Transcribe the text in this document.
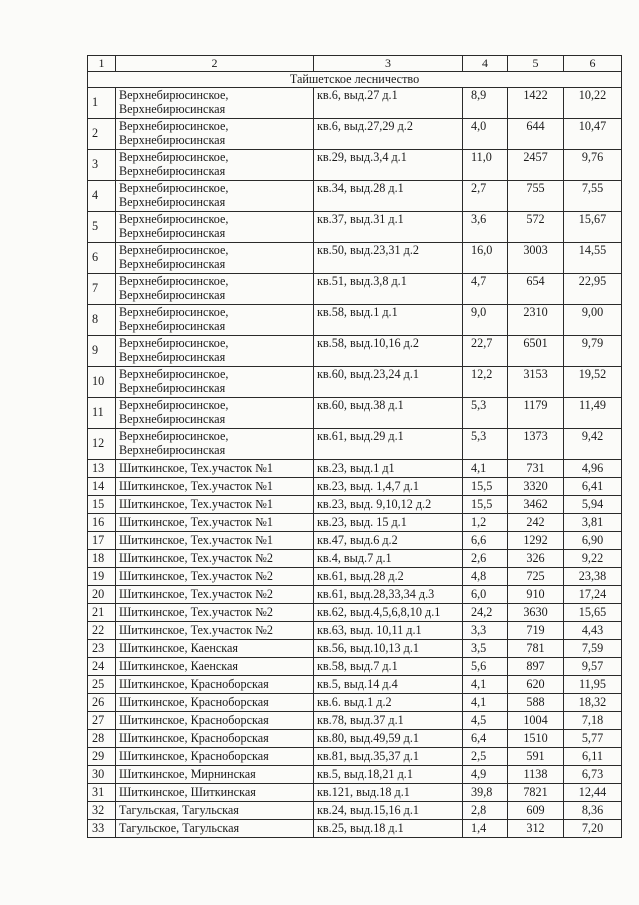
1	2	3	4	5	6
Тайшетское лесничество					
1	Верхнебирюсинское, Верхнебирюсинская	кв.6, выд.27 д.1	8,9	1422	10,22
2	Верхнебирюсинское, Верхнебирюсинская	кв.6, выд.27,29 д.2	4,0	644	10,47
3	Верхнебирюсинское, Верхнебирюсинская	кв.29, выд.3,4 д.1	11,0	2457	9,76
4	Верхнебирюсинское, Верхнебирюсинская	кв.34, выд.28 д.1	2,7	755	7,55
5	Верхнебирюсинское, Верхнебирюсинская	кв.37, выд.31 д.1	3,6	572	15,67
6	Верхнебирюсинское, Верхнебирюсинская	кв.50, выд.23,31 д.2	16,0	3003	14,55
7	Верхнебирюсинское, Верхнебирюсинская	кв.51, выд.3,8 д.1	4,7	654	22,95
8	Верхнебирюсинское, Верхнебирюсинская	кв.58, выд.1 д.1	9,0	2310	9,00
9	Верхнебирюсинское, Верхнебирюсинская	кв.58, выд.10,16 д.2	22,7	6501	9,79
10	Верхнебирюсинское, Верхнебирюсинская	кв.60, выд.23,24 д.1	12,2	3153	19,52
11	Верхнебирюсинское, Верхнебирюсинская	кв.60, выд.38 д.1	5,3	1179	11,49
12	Верхнебирюсинское, Верхнебирюсинская	кв.61, выд.29 д.1	5,3	1373	9,42
13	Шиткинское, Тех.участок №1	кв.23, выд.1 д1	4,1	731	4,96
14	Шиткинское, Тех.участок №1	кв.23, выд. 1,4,7 д.1	15,5	3320	6,41
15	Шиткинское, Тех.участок №1	кв.23, выд. 9,10,12 д.2	15,5	3462	5,94
16	Шиткинское, Тех.участок №1	кв.23, выд. 15 д.1	1,2	242	3,81
17	Шиткинское, Тех.участок №1	кв.47, выд.6 д.2	6,6	1292	6,90
18	Шиткинское, Тех.участок №2	кв.4, выд.7 д.1	2,6	326	9,22
19	Шиткинское, Тех.участок №2	кв.61, выд.28 д.2	4,8	725	23,38
20	Шиткинское, Тех.участок №2	кв.61, выд.28,33,34 д.3	6,0	910	17,24
21	Шиткинское, Тех.участок №2	кв.62, выд.4,5,6,8,10 д.1	24,2	3630	15,65
22	Шиткинское, Тех.участок №2	кв.63, выд. 10,11 д.1	3,3	719	4,43
23	Шиткинское, Каенская	кв.56, выд.10,13 д.1	3,5	781	7,59
24	Шиткинское, Каенская	кв.58, выд.7 д.1	5,6	897	9,57
25	Шиткинское, Красноборская	кв.5, выд.14 д.4	4,1	620	11,95
26	Шиткинское, Красноборская	кв.6. выд.1 д.2	4,1	588	18,32
27	Шиткинское, Красноборская	кв.78, выд.37 д.1	4,5	1004	7,18
28	Шиткинское, Красноборская	кв.80, выд.49,59 д.1	6,4	1510	5,77
29	Шиткинское, Красноборская	кв.81, выд.35,37 д.1	2,5	591	6,11
30	Шиткинское, Мирнинская	кв.5, выд.18,21 д.1	4,9	1138	6,73
31	Шиткинское, Шиткинская	кв.121, выд.18 д.1	39,8	7821	12,44
32	Тагульская, Тагульская	кв.24, выд.15,16 д.1	2,8	609	8,36
33	Тагульское, Тагульская	кв.25, выд.18 д.1	1,4	312	7,20
